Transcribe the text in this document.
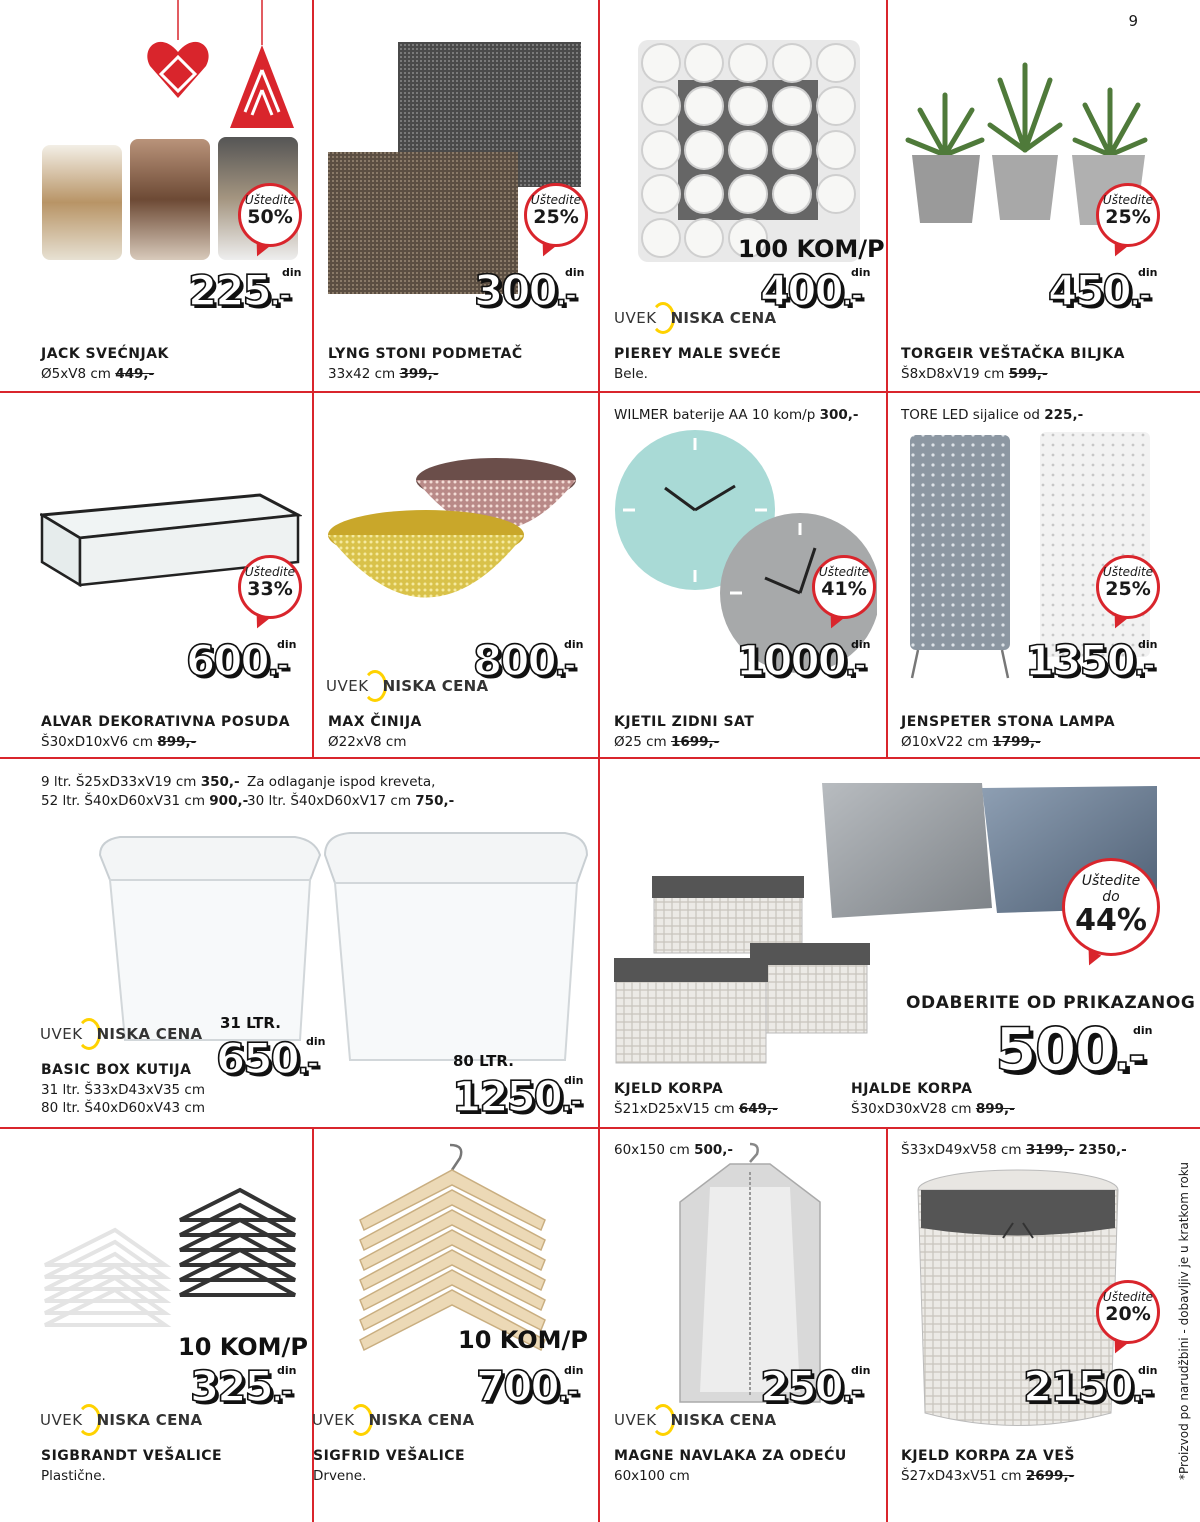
9
Uštedite
50%
225.-
din
JACK SVEĆNJAK
Ø5xV8 cm 449,-
Uštedite
25%
300.-
din
LYNG STONI PODMETAČ
33x42 cm 399,-
100 KOM/P
400.-
din
UVEK NISKA CENA
PIEREY MALE SVEĆE
Bele.
Uštedite
25%
450.-
din
TORGEIR VEŠTAČKA BILJKA
Š8xD8xV19 cm 599,-
Uštedite
33%
600.-
din
ALVAR DEKORATIVNA POSUDA
Š30xD10xV6 cm 899,-
UVEK NISKA CENA
800.-
din
MAX ČINIJA
Ø22xV8 cm
WILMER baterije AA 10 kom/p 300,-
Uštedite
41%
1000.-
din
KJETIL ZIDNI SAT
Ø25 cm 1699,-
TORE LED sijalice od 225,-
Uštedite
25%
1350.-
din
JENSPETER STONA LAMPA
Ø10xV22 cm 1799,-
9 ltr. Š25xD33xV19 cm 350,-
52 ltr. Š40xD60xV31 cm 900,-
Za odlaganje ispod kreveta,
30 ltr. Š40xD60xV17 cm 750,-
UVEK NISKA CENA
31 LTR.
650.-
din
80 LTR.
1250.-
din
BASIC BOX KUTIJA
31 ltr. Š33xD43xV35 cm
80 ltr. Š40xD60xV43 cm
Uštedite
do
44%
ODABERITE OD PRIKAZANOG
500.-
din
KJELD KORPA
Š21xD25xV15 cm 649,-
HJALDE KORPA
Š30xD30xV28 cm 899,-
10 KOM/P
325.-
din
UVEK NISKA CENA
SIGBRANDT VEŠALICE
Plastične.
10 KOM/P
700.-
din
UVEK NISKA CENA
SIGFRID VEŠALICE
Drvene.
60x150 cm 500,-
250.-
din
UVEK NISKA CENA
MAGNE NAVLAKA ZA ODEĆU
60x100 cm
Š33xD49xV58 cm 3199,- 2350,-
Uštedite
20%
2150.-
din
KJELD KORPA ZA VEŠ
Š27xD43xV51 cm 2699,-	*Proizvod po narudžbini - dobavljiv je u kratkom roku
